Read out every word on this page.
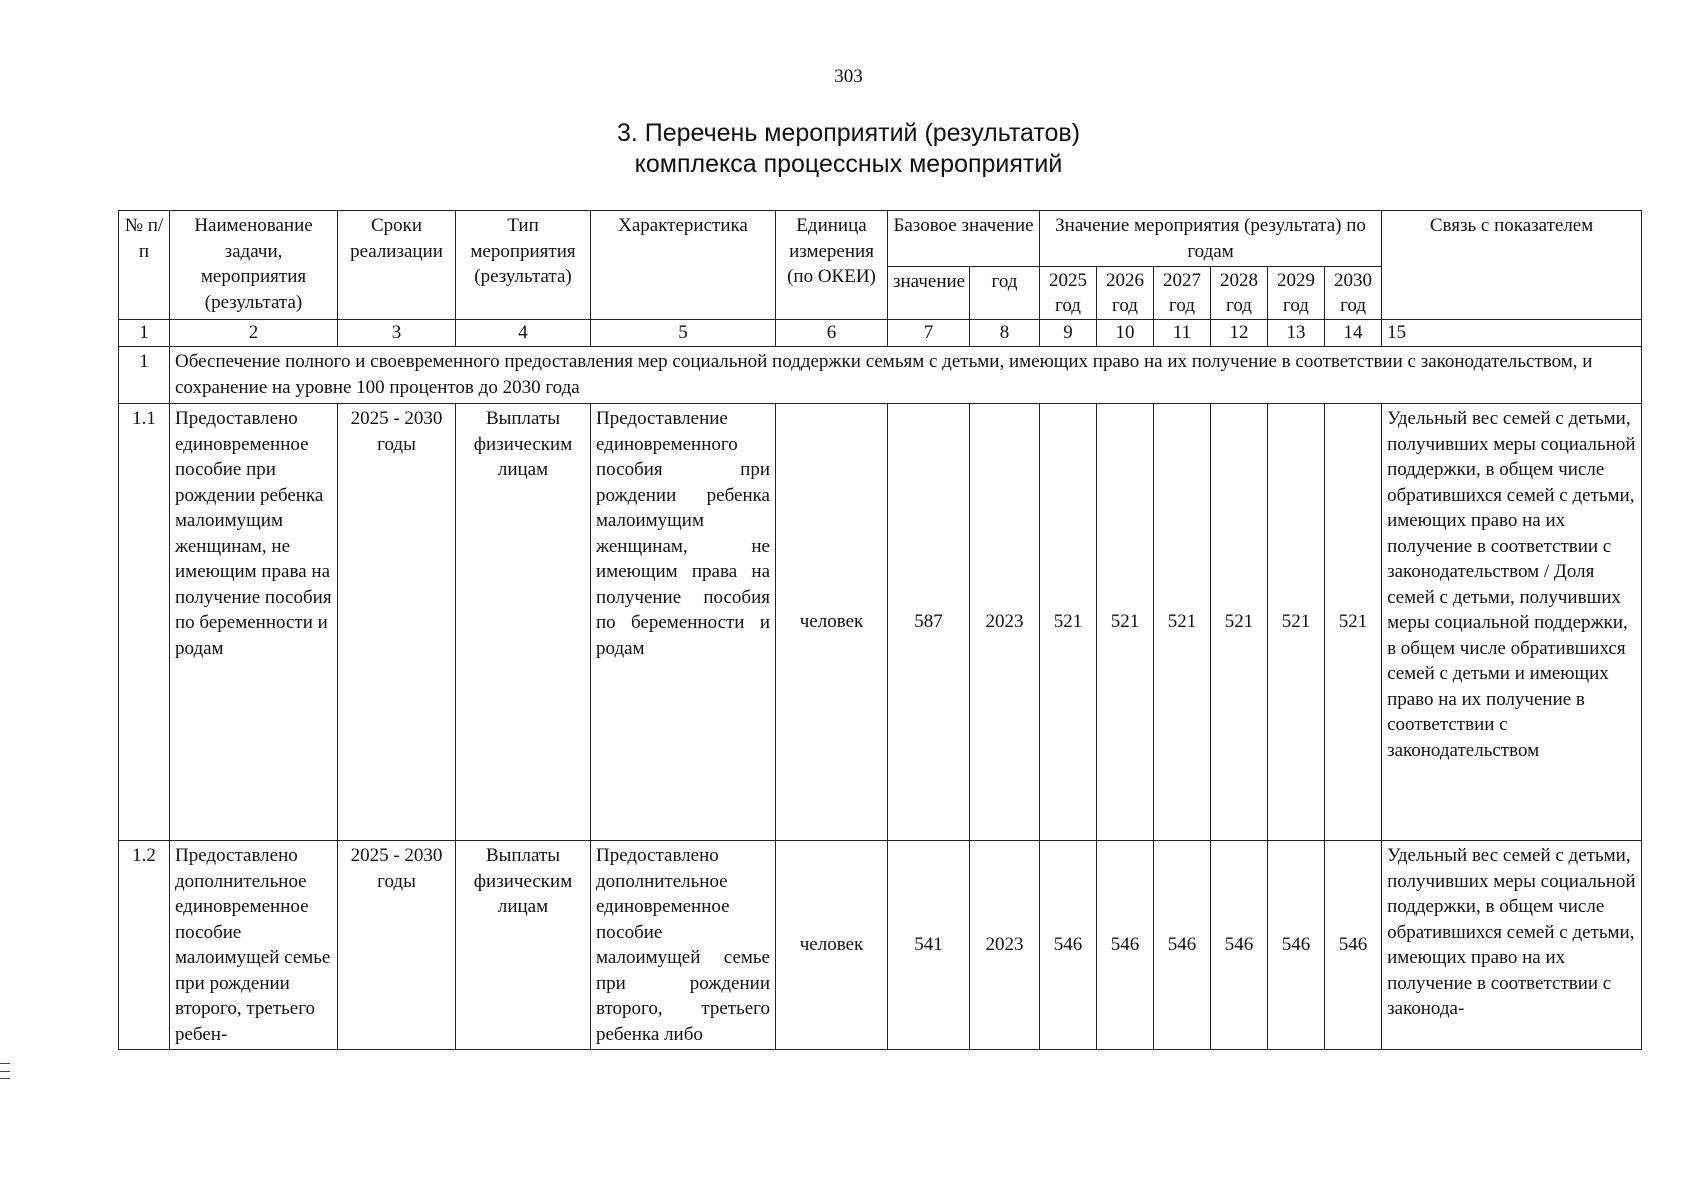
303
3. Перечень мероприятий (результатов)
комплекса процессных мероприятий
№ п/п	Наименование задачи, мероприятия (результата)	Сроки реализации	Тип мероприятия (результата)	Характеристика	Единица измерения (по ОКЕИ)	Базовое значение		Значение мероприятия (результата) по годам						Связь с показателем
						значение	год	2025 год	2026 год	2027 год	2028 год	2029 год	2030 год	
1	2	3	4	5	6	7	8	9	10	11	12	13	14	15
1	Обеспечение полного и своевременного предоставления мер социальной поддержки семьям с детьми, имеющих право на их получение в соответствии с законодательством, и сохранение на уровне 100 процентов до 2030 года													
1.1	Предоставлено единовременное пособие при рождении ребенка малоимущим женщинам, не имеющим права на получение пособия по беременности и родам	2025 - 2030 годы	Выплаты физическим лицам	Предоставление единовременного пособия при рождении ребенка малоимущим женщинам, не имеющим права на получение пособия по беременности и родам	человек	587	2023	521	521	521	521	521	521	Удельный вес семей с детьми, получивших меры социальной поддержки, в общем числе обратившихся семей с детьми, имеющих право на их получение в соответствии с законодательством / Доля семей с детьми, получивших меры социальной поддержки, в общем числе обратившихся семей с детьми и имеющих право на их получение в соответствии с законодательством
1.2	Предоставлено дополнительное единовременное пособие малоимущей семье при рождении второго, третьего ребен-	2025 - 2030 годы	Выплаты физическим лицам	Предоставлено дополнительное единовременное пособие малоимущей семье при рождении второго, третьего ребенка либо	человек	541	2023	546	546	546	546	546	546	Удельный вес семей с детьми, получивших меры социальной поддержки, в общем числе обратившихся семей с детьми, имеющих право на их получение в соответствии с законода-
